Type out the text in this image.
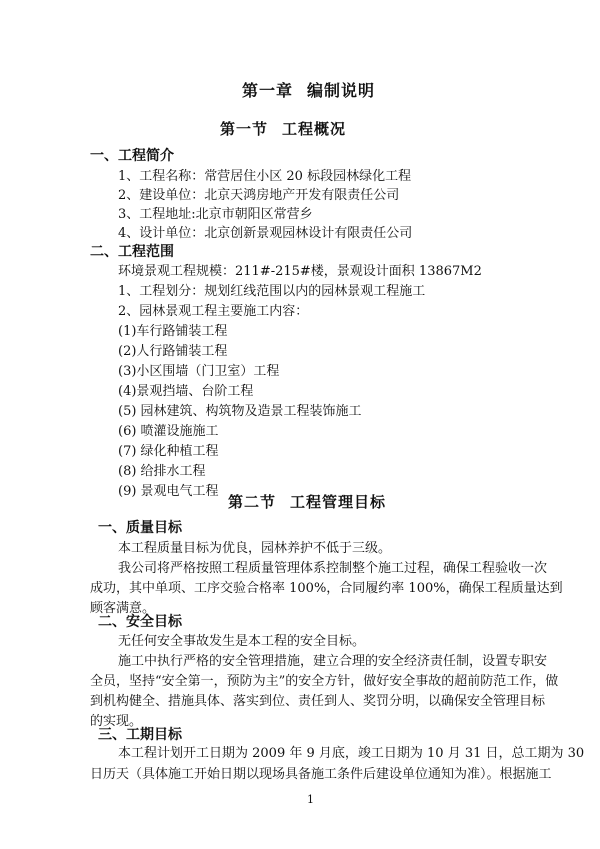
第一章 编制说明
第一节 工程概况
一、工程简介
1、工程名称：常营居住小区 20 标段园林绿化工程
2、建设单位：北京天鸿房地产开发有限责任公司
3、工程地址:北京市朝阳区常营乡
4、设计单位：北京创新景观园林设计有限责任公司
二、工程范围
环境景观工程规模：211#-215#楼，景观设计面积 13867M2
1、工程划分：规划红线范围以内的园林景观工程施工
2、园林景观工程主要施工内容：
(1)车行路铺装工程
(2)人行路铺装工程
(3)小区围墙（门卫室）工程
(4)景观挡墙、台阶工程
(5) 园林建筑、构筑物及造景工程装饰施工
(6) 喷灌设施施工
(7) 绿化种植工程
(8) 给排水工程
(9) 景观电气工程
第二节 工程管理目标
一、质量目标
本工程质量目标为优良，园林养护不低于三级。
我公司将严格按照工程质量管理体系控制整个施工过程，确保工程验收一次
成功，其中单项、工序交验合格率 100%，合同履约率 100%，确保工程质量达到
顾客满意。
二、安全目标
无任何安全事故发生是本工程的安全目标。
施工中执行严格的安全管理措施，建立合理的安全经济责任制，设置专职安
全员，坚持“安全第一，预防为主”的安全方针，做好安全事故的超前防范工作，做
到机构健全、措施具体、落实到位、责任到人、奖罚分明，以确保安全管理目标
的实现。
三、工期目标
本工程计划开工日期为 2009 年 9 月底，竣工日期为 10 月 31 日，总工期为 30
日历天（具体施工开始日期以现场具备施工条件后建设单位通知为准）。根据施工
1
